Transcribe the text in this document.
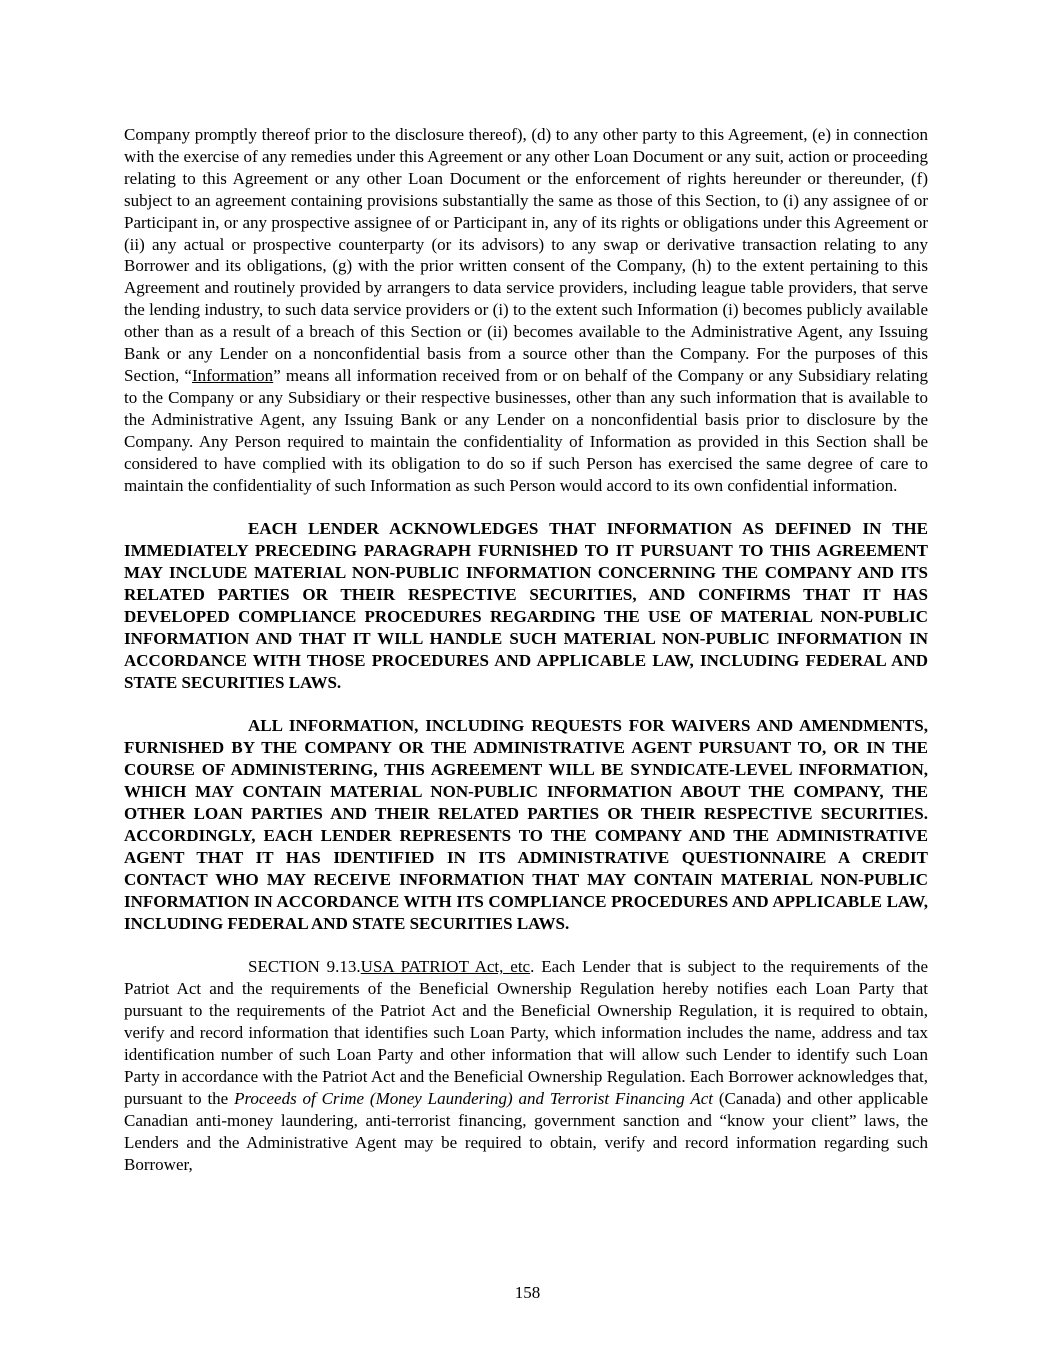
Company promptly thereof prior to the disclosure thereof), (d) to any other party to this Agreement, (e) in connection with the exercise of any remedies under this Agreement or any other Loan Document or any suit, action or proceeding relating to this Agreement or any other Loan Document or the enforcement of rights hereunder or thereunder, (f) subject to an agreement containing provisions substantially the same as those of this Section, to (i) any assignee of or Participant in, or any prospective assignee of or Participant in, any of its rights or obligations under this Agreement or (ii) any actual or prospective counterparty (or its advisors) to any swap or derivative transaction relating to any Borrower and its obligations, (g) with the prior written consent of the Company, (h) to the extent pertaining to this Agreement and routinely provided by arrangers to data service providers, including league table providers, that serve the lending industry, to such data service providers or (i) to the extent such Information (i) becomes publicly available other than as a result of a breach of this Section or (ii) becomes available to the Administrative Agent, any Issuing Bank or any Lender on a nonconfidential basis from a source other than the Company. For the purposes of this Section, “Information” means all information received from or on behalf of the Company or any Subsidiary relating to the Company or any Subsidiary or their respective businesses, other than any such information that is available to the Administrative Agent, any Issuing Bank or any Lender on a nonconfidential basis prior to disclosure by the Company. Any Person required to maintain the confidentiality of Information as provided in this Section shall be considered to have complied with its obligation to do so if such Person has exercised the same degree of care to maintain the confidentiality of such Information as such Person would accord to its own confidential information.

EACH LENDER ACKNOWLEDGES THAT INFORMATION AS DEFINED IN THE IMMEDIATELY PRECEDING PARAGRAPH FURNISHED TO IT PURSUANT TO THIS AGREEMENT MAY INCLUDE MATERIAL NON-PUBLIC INFORMATION CONCERNING THE COMPANY AND ITS RELATED PARTIES OR THEIR RESPECTIVE SECURITIES, AND CONFIRMS THAT IT HAS DEVELOPED COMPLIANCE PROCEDURES REGARDING THE USE OF MATERIAL NON-PUBLIC INFORMATION AND THAT IT WILL HANDLE SUCH MATERIAL NON-PUBLIC INFORMATION IN ACCORDANCE WITH THOSE PROCEDURES AND APPLICABLE LAW, INCLUDING FEDERAL AND STATE SECURITIES LAWS.

ALL INFORMATION, INCLUDING REQUESTS FOR WAIVERS AND AMENDMENTS, FURNISHED BY THE COMPANY OR THE ADMINISTRATIVE AGENT PURSUANT TO, OR IN THE COURSE OF ADMINISTERING, THIS AGREEMENT WILL BE SYNDICATE-LEVEL INFORMATION, WHICH MAY CONTAIN MATERIAL NON-PUBLIC INFORMATION ABOUT THE COMPANY, THE OTHER LOAN PARTIES AND THEIR RELATED PARTIES OR THEIR RESPECTIVE SECURITIES. ACCORDINGLY, EACH LENDER REPRESENTS TO THE COMPANY AND THE ADMINISTRATIVE AGENT THAT IT HAS IDENTIFIED IN ITS ADMINISTRATIVE QUESTIONNAIRE A CREDIT CONTACT WHO MAY RECEIVE INFORMATION THAT MAY CONTAIN MATERIAL NON-PUBLIC INFORMATION IN ACCORDANCE WITH ITS COMPLIANCE PROCEDURES AND APPLICABLE LAW, INCLUDING FEDERAL AND STATE SECURITIES LAWS.

SECTION 9.13.USA PATRIOT Act, etc. Each Lender that is subject to the requirements of the Patriot Act and the requirements of the Beneficial Ownership Regulation hereby notifies each Loan Party that pursuant to the requirements of the Patriot Act and the Beneficial Ownership Regulation, it is required to obtain, verify and record information that identifies such Loan Party, which information includes the name, address and tax identification number of such Loan Party and other information that will allow such Lender to identify such Loan Party in accordance with the Patriot Act and the Beneficial Ownership Regulation. Each Borrower acknowledges that, pursuant to the Proceeds of Crime (Money Laundering) and Terrorist Financing Act (Canada) and other applicable Canadian anti-money laundering, anti-terrorist financing, government sanction and “know your client” laws, the Lenders and the Administrative Agent may be required to obtain, verify and record information regarding such Borrower,

158
